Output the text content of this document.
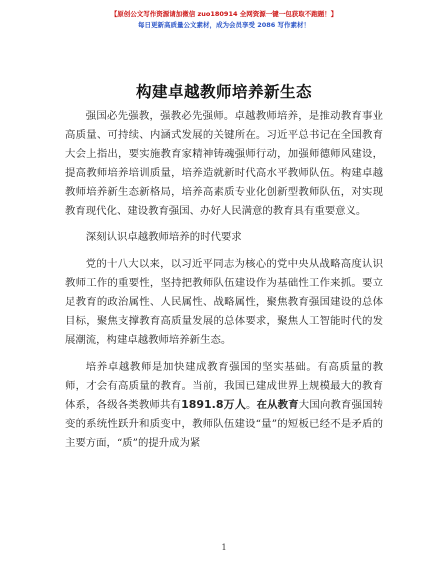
【原创公文写作资源请加微信 zuo180914 全网资源一键一包获取不跑题！】
每日更新高质量公文素材，成为会员享受 2086 写作素材！
构建卓越教师培养新生态

强国必先强教，强教必先强师。卓越教师培养，是推动教育事业高质量、可持续、内涵式发展的关键所在。习近平总书记在全国教育大会上指出，要实施教育家精神铸魂强师行动，加强师德师风建设，提高教师培养培训质量，培养造就新时代高水平教师队伍。构建卓越教师培养新生态新格局，培养高素质专业化创新型教师队伍，对实现教育现代化、建设教育强国、办好人民满意的教育具有重要意义。

深刻认识卓越教师培养的时代要求

党的十八大以来，以习近平同志为核心的党中央从战略高度认识教师工作的重要性，坚持把教师队伍建设作为基础性工作来抓。要立足教育的政治属性、人民属性、战略属性，聚焦教育强国建设的总体目标，聚焦支撑教育高质量发展的总体要求，聚焦人工智能时代的发展潮流，构建卓越教师培养新生态。

培养卓越教师是加快建成教育强国的坚实基础。有高质量的教师，才会有高质量的教育。当前，我国已建成世界上规模最大的教育体系，各级各类教师共有1891.8万人。在从教育大国向教育强国转变的系统性跃升和质变中，教师队伍建设“量”的短板已经不是矛盾的主要方面，“质”的提升成为紧

1
